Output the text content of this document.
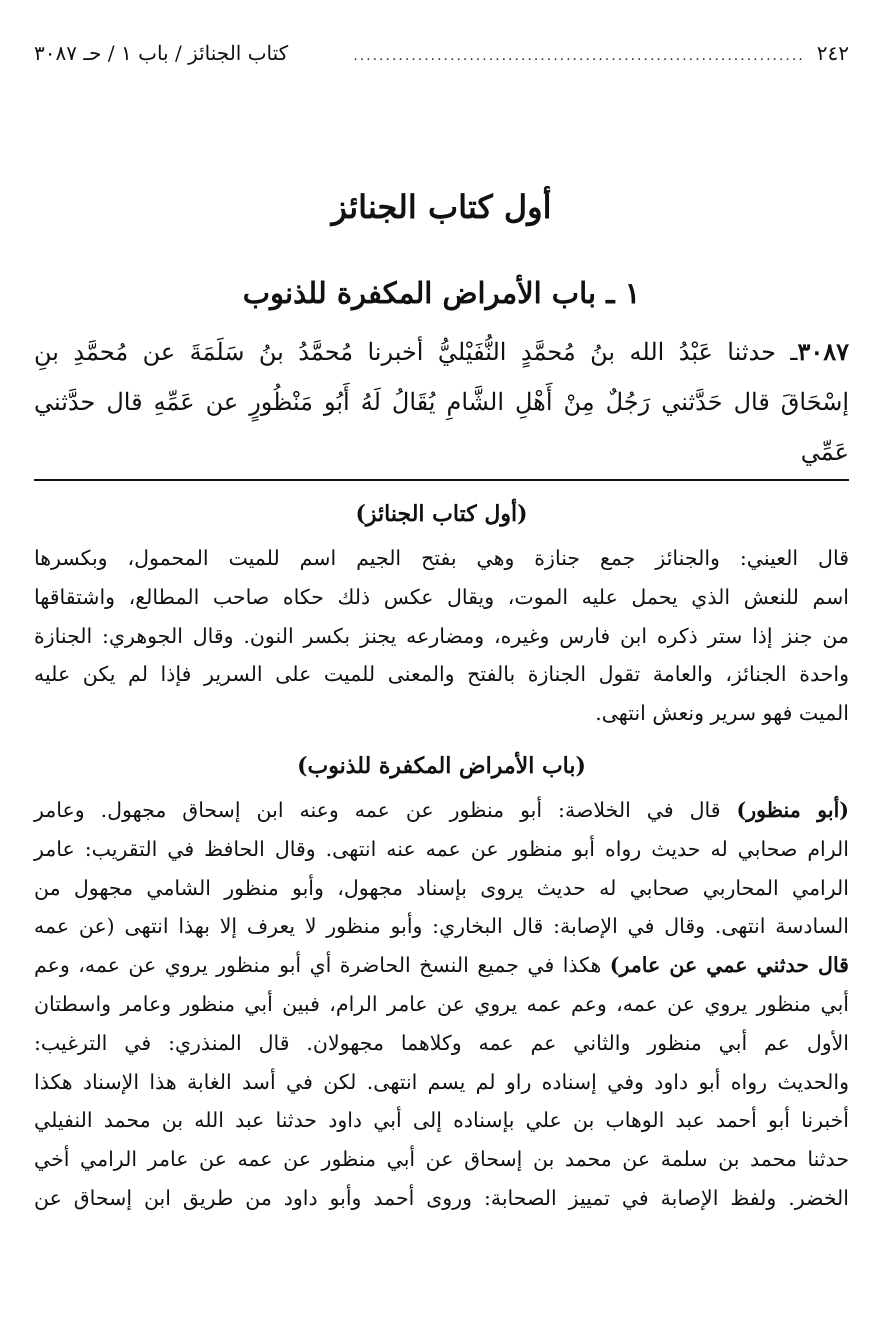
٢٤٢
......................................................................
كتاب الجنائز / باب ١ / حـ ٣٠٨٧
أول كتاب الجنائز
١ ـ باب الأمراض المكفرة للذنوب
٣٠٨٧ـ حدثنا عَبْدُ الله بنُ مُحمَّدٍ النُّفَيْليُّ أخبرنا مُحمَّدُ بنُ سَلَمَةَ عن مُحمَّدِ بنِ
إسْحَاقَ قال حَدَّثني رَجُلٌ مِنْ أَهْلِ الشَّامِ يُقَالُ لَهُ أَبُو مَنْظُورٍ عن عَمِّهِ قال حدَّثني عَمِّي
(أول كتاب الجنائز)
قال العيني: والجنائز جمع جنازة وهي بفتح الجيم اسم للميت المحمول، وبكسرها
اسم للنعش الذي يحمل عليه الموت، ويقال عكس ذلك حكاه صاحب المطالع، واشتقاقها
من جنز إذا ستر ذكره ابن فارس وغيره، ومضارعه يجنز بكسر النون. وقال الجوهري: الجنازة
واحدة الجنائز، والعامة تقول الجنازة بالفتح والمعنى للميت على السرير فإذا لم يكن عليه
الميت فهو سرير ونعش انتهى.
(باب الأمراض المكفرة للذنوب)
(أبو منظور) قال في الخلاصة: أبو منظور عن عمه وعنه ابن إسحاق مجهول. وعامر
الرام صحابي له حديث رواه أبو منظور عن عمه عنه انتهى. وقال الحافظ في التقريب: عامر
الرامي المحاربي صحابي له حديث يروى بإسناد مجهول، وأبو منظور الشامي مجهول من
السادسة انتهى. وقال في الإصابة: قال البخاري: وأبو منظور لا يعرف إلا بهذا انتهى (عن عمه
قال حدثني عمي عن عامر) هكذا في جميع النسخ الحاضرة أي أبو منظور يروي عن عمه، وعم
أبي منظور يروي عن عمه، وعم عمه يروي عن عامر الرام، فبين أبي منظور وعامر واسطتان
الأول عم أبي منظور والثاني عم عمه وكلاهما مجهولان. قال المنذري: في الترغيب:
والحديث رواه أبو داود وفي إسناده راو لم يسم انتهى. لكن في أسد الغابة هذا الإسناد هكذا
أخبرنا أبو أحمد عبد الوهاب بن علي بإسناده إلى أبي داود حدثنا عبد الله بن محمد النفيلي
حدثنا محمد بن سلمة عن محمد بن إسحاق عن أبي منظور عن عمه عن عامر الرامي أخي
الخضر. ولفظ الإصابة في تمييز الصحابة: وروى أحمد وأبو داود من طريق ابن إسحاق عن
